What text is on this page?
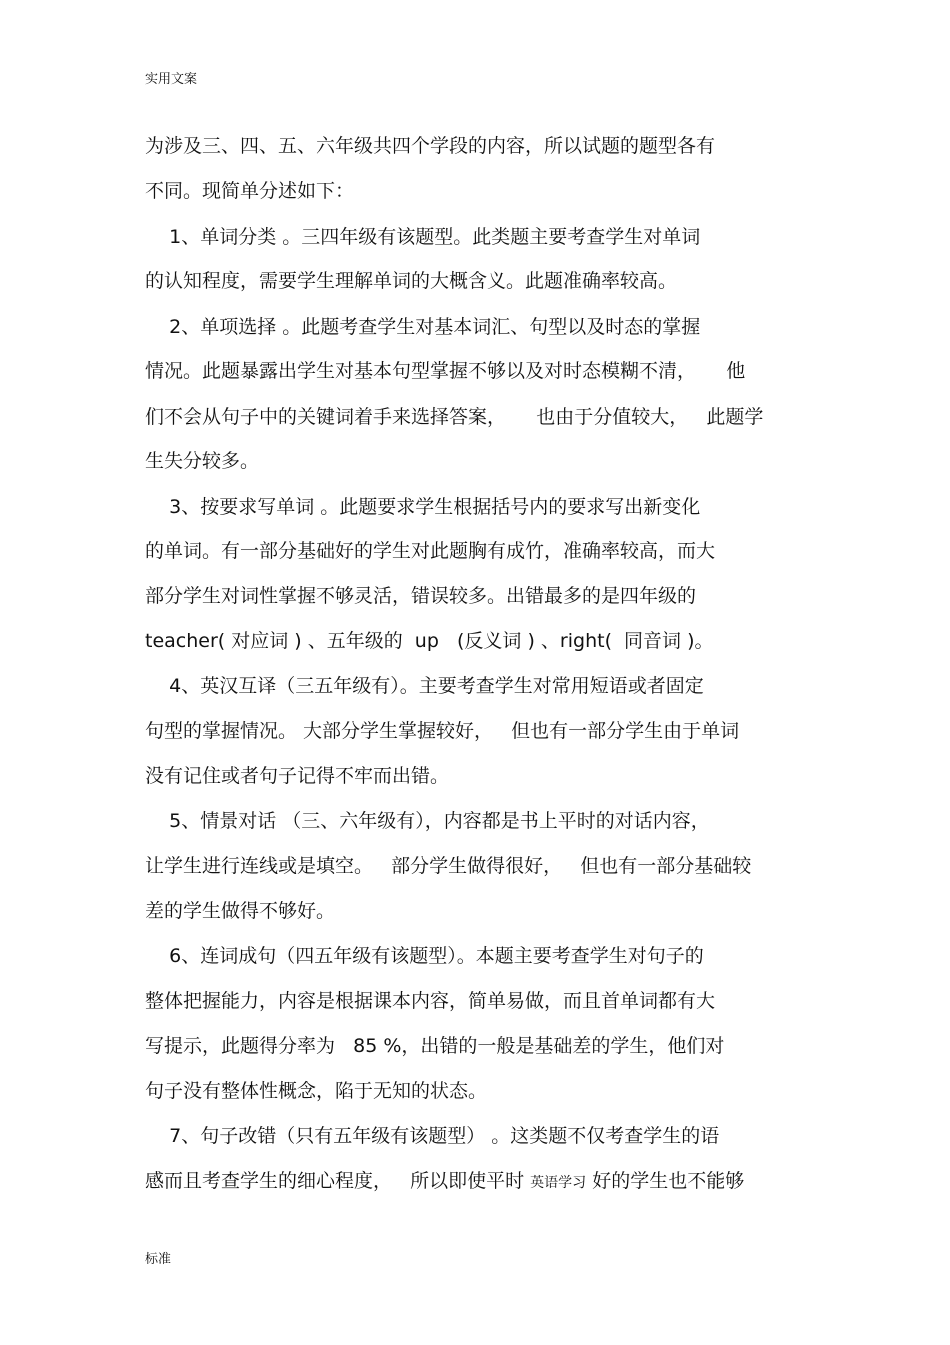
实用文案
为涉及三、四、五、六年级共四个学段的内容，所以试题的题型各有
不同。现简单分述如下：
1、单词分类 。三四年级有该题型。此类题主要考查学生对单词
的认知程度，需要学生理解单词的大概含义。此题准确率较高。
2、单项选择 。此题考查学生对基本词汇、句型以及时态的掌握
情况。此题暴露出学生对基本句型掌握不够以及对时态模糊不清，     他
们不会从句子中的关键词着手来选择答案，     也由于分值较大，   此题学
生失分较多。
3、按要求写单词 。此题要求学生根据括号内的要求写出新变化
的单词。有一部分基础好的学生对此题胸有成竹，准确率较高，而大
部分学生对词性掌握不够灵活，错误较多。出错最多的是四年级的
teacher( 对应词 ) 、五年级的  up   (反义词 ) 、right(  同音词 )。
4、英汉互译（三五年级有）。主要考查学生对常用短语或者固定
句型的掌握情况。 大部分学生掌握较好，   但也有一部分学生由于单词
没有记住或者句子记得不牢而出错。
5、情景对话 （三、六年级有），内容都是书上平时的对话内容，
让学生进行连线或是填空。   部分学生做得很好，   但也有一部分基础较
差的学生做得不够好。
6、连词成句（四五年级有该题型）。本题主要考查学生对句子的
整体把握能力，内容是根据课本内容，简单易做，而且首单词都有大
写提示，此题得分率为   85 %，出错的一般是基础差的学生，他们对
句子没有整体性概念，陷于无知的状态。
7、句子改错（只有五年级有该题型） 。这类题不仅考查学生的语
感而且考查学生的细心程度，   所以即使平时 英语学习 好的学生也不能够
标准
